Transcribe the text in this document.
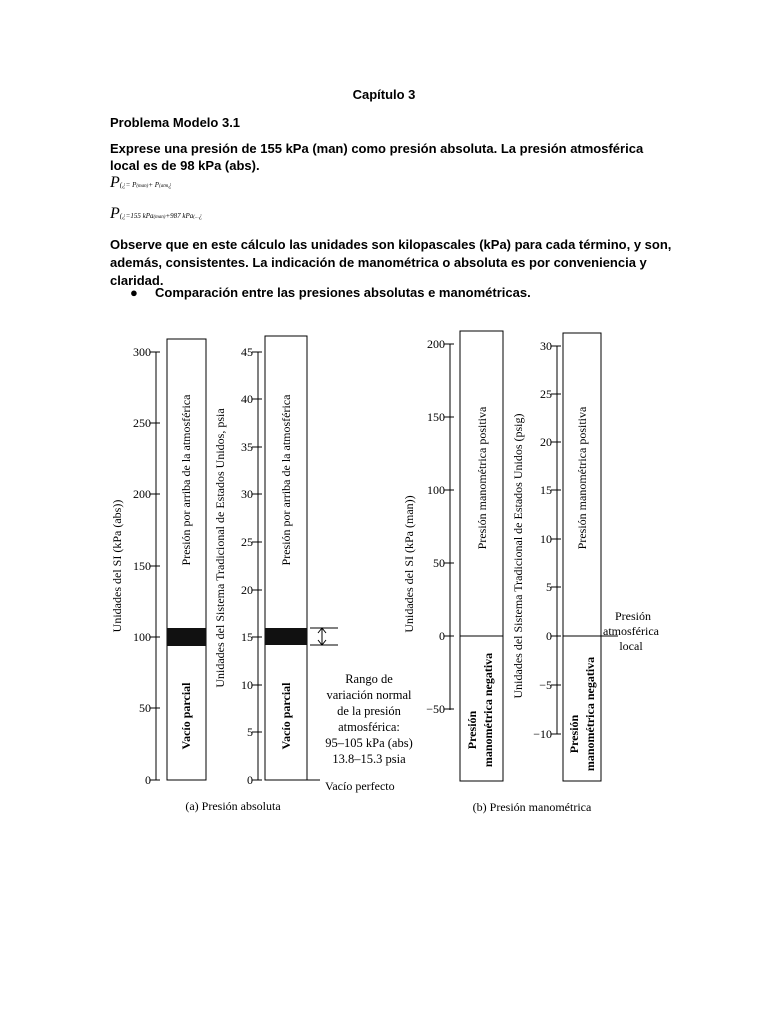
Capítulo 3
Problema Modelo 3.1
Exprese una presión de 155 kPa (man) como presión absoluta. La presión atmosférica local es de 98 kPa (abs).
P(¿= P(man)+ P(atm¿
P(¿=155 kPa(man)+987 kPa(...¿
Observe que en este cálculo las unidades son kilopascales (kPa) para cada término, y son, además, consistentes. La indicación de manométrica o absoluta es por conveniencia y claridad.
● Comparación entre las presiones absolutas e manométricas.
300
250
200
150
100
50
0
Unidades del SI (kPa (abs))
Presión por arriba de la atmosférica
Vacío parcial
45
40
35
30
25
20
15
10
5
0
Unidades del Sistema Tradicional de Estados Unidos, psia	Presión por arriba de la atmosférica
Vacío parcial
Rango de
variación normal
de la presión
atmosférica:
95–105 kPa (abs)
13.8–15.3 psia
Vacío perfecto
(a) Presión absoluta
200
150
100
50
0
−50
Unidades del SI (kPa (man))
Presión manométrica positiva
Presión manométrica negativa
30
25
20
15
10
5
0
−5
−10
Unidades del Sistema Tradicional de Estados Unidos (psig)	Presión manométrica positiva
Presión manométrica negativa
Presión
atmosférica
local
(b) Presión manométrica
